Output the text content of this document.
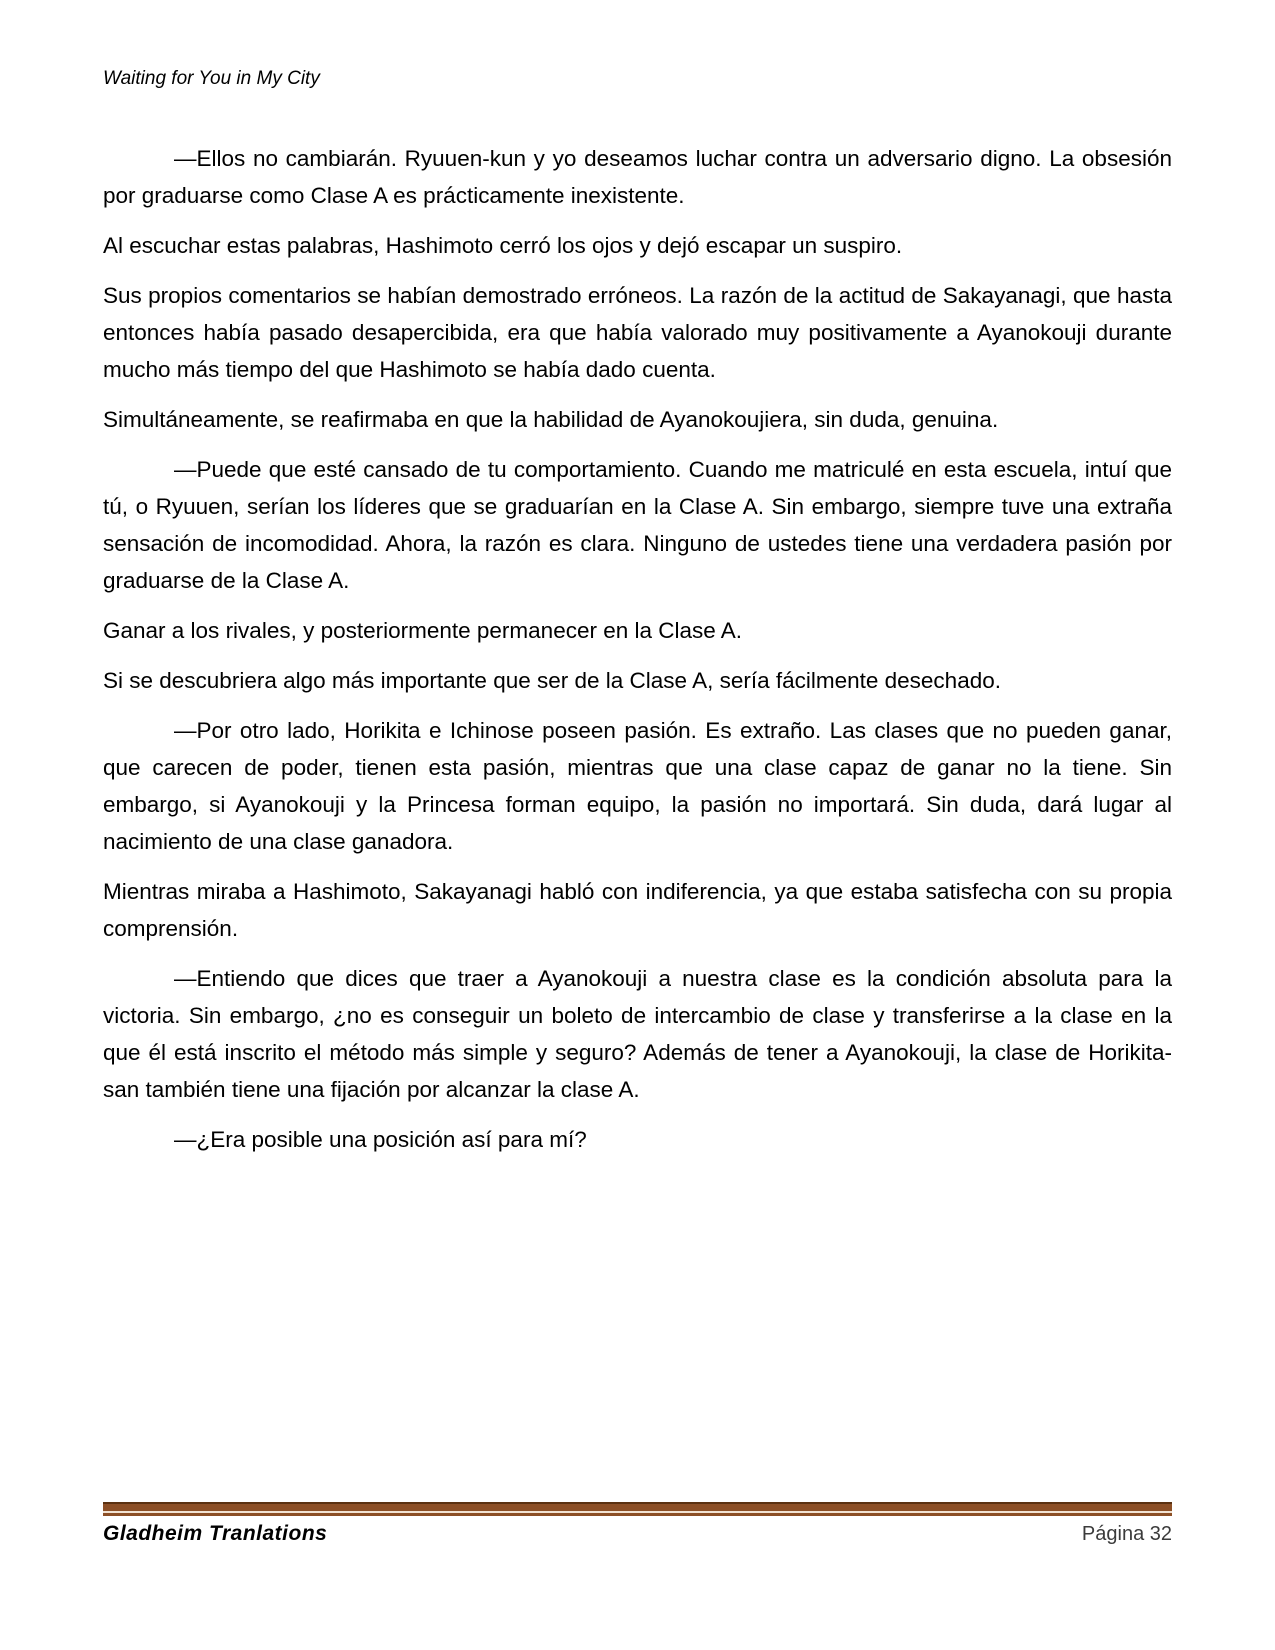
Waiting for You in My City

—Ellos no cambiarán. Ryuuen-kun y yo deseamos luchar contra un adversario digno. La obsesión por graduarse como Clase A es prácticamente inexistente.

Al escuchar estas palabras, Hashimoto cerró los ojos y dejó escapar un suspiro.

Sus propios comentarios se habían demostrado erróneos. La razón de la actitud de Sakayanagi, que hasta entonces había pasado desapercibida, era que había valorado muy positivamente a Ayanokouji durante mucho más tiempo del que Hashimoto se había dado cuenta.

Simultáneamente, se reafirmaba en que la habilidad de Ayanokoujiera, sin duda, genuina.

—Puede que esté cansado de tu comportamiento. Cuando me matriculé en esta escuela, intuí que tú, o Ryuuen, serían los líderes que se graduarían en la Clase A. Sin embargo, siempre tuve una extraña sensación de incomodidad. Ahora, la razón es clara. Ninguno de ustedes tiene una verdadera pasión por graduarse de la Clase A.

Ganar a los rivales, y posteriormente permanecer en la Clase A.

Si se descubriera algo más importante que ser de la Clase A, sería fácilmente desechado.

—Por otro lado, Horikita e Ichinose poseen pasión. Es extraño. Las clases que no pueden ganar, que carecen de poder, tienen esta pasión, mientras que una clase capaz de ganar no la tiene. Sin embargo, si Ayanokouji y la Princesa forman equipo, la pasión no importará. Sin duda, dará lugar al nacimiento de una clase ganadora.

Mientras miraba a Hashimoto, Sakayanagi habló con indiferencia, ya que estaba satisfecha con su propia comprensión.

—Entiendo que dices que traer a Ayanokouji a nuestra clase es la condición absoluta para la victoria. Sin embargo, ¿no es conseguir un boleto de intercambio de clase y transferirse a la clase en la que él está inscrito el método más simple y seguro? Además de tener a Ayanokouji, la clase de Horikita-san también tiene una fijación por alcanzar la clase A.

—¿Era posible una posición así para mí?

Gladheim Tranlations	Página 32
